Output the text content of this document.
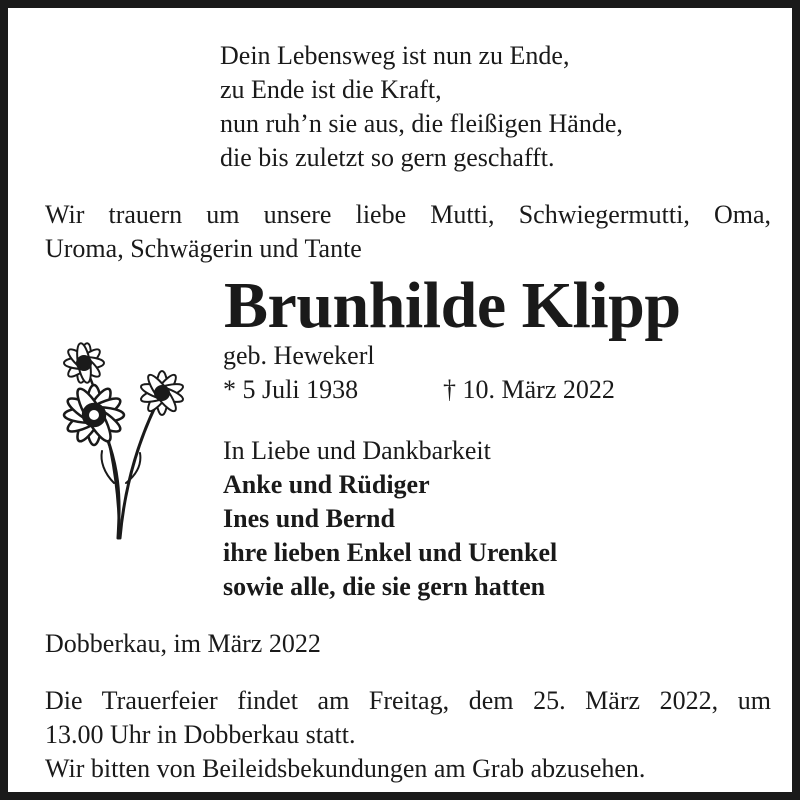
Dein Lebensweg ist nun zu Ende,
zu Ende ist die Kraft,
nun ruh’n sie aus, die fleißigen Hände,
die bis zuletzt so gern geschafft.
Wir trauern um unsere liebe Mutti, Schwiegermutti, Oma,
Uroma, Schwägerin und Tante
Brunhilde Klipp
geb. Hewekerl
* 5 Juli 1938	† 10. März 2022
In Liebe und Dankbarkeit
Anke und Rüdiger
Ines und Bernd
ihre lieben Enkel und Urenkel
sowie alle, die sie gern hatten
Dobberkau, im März 2022
Die Trauerfeier findet am Freitag, dem 25. März 2022, um
13.00 Uhr in Dobberkau statt.
Wir bitten von Beileidsbekundungen am Grab abzusehen.
